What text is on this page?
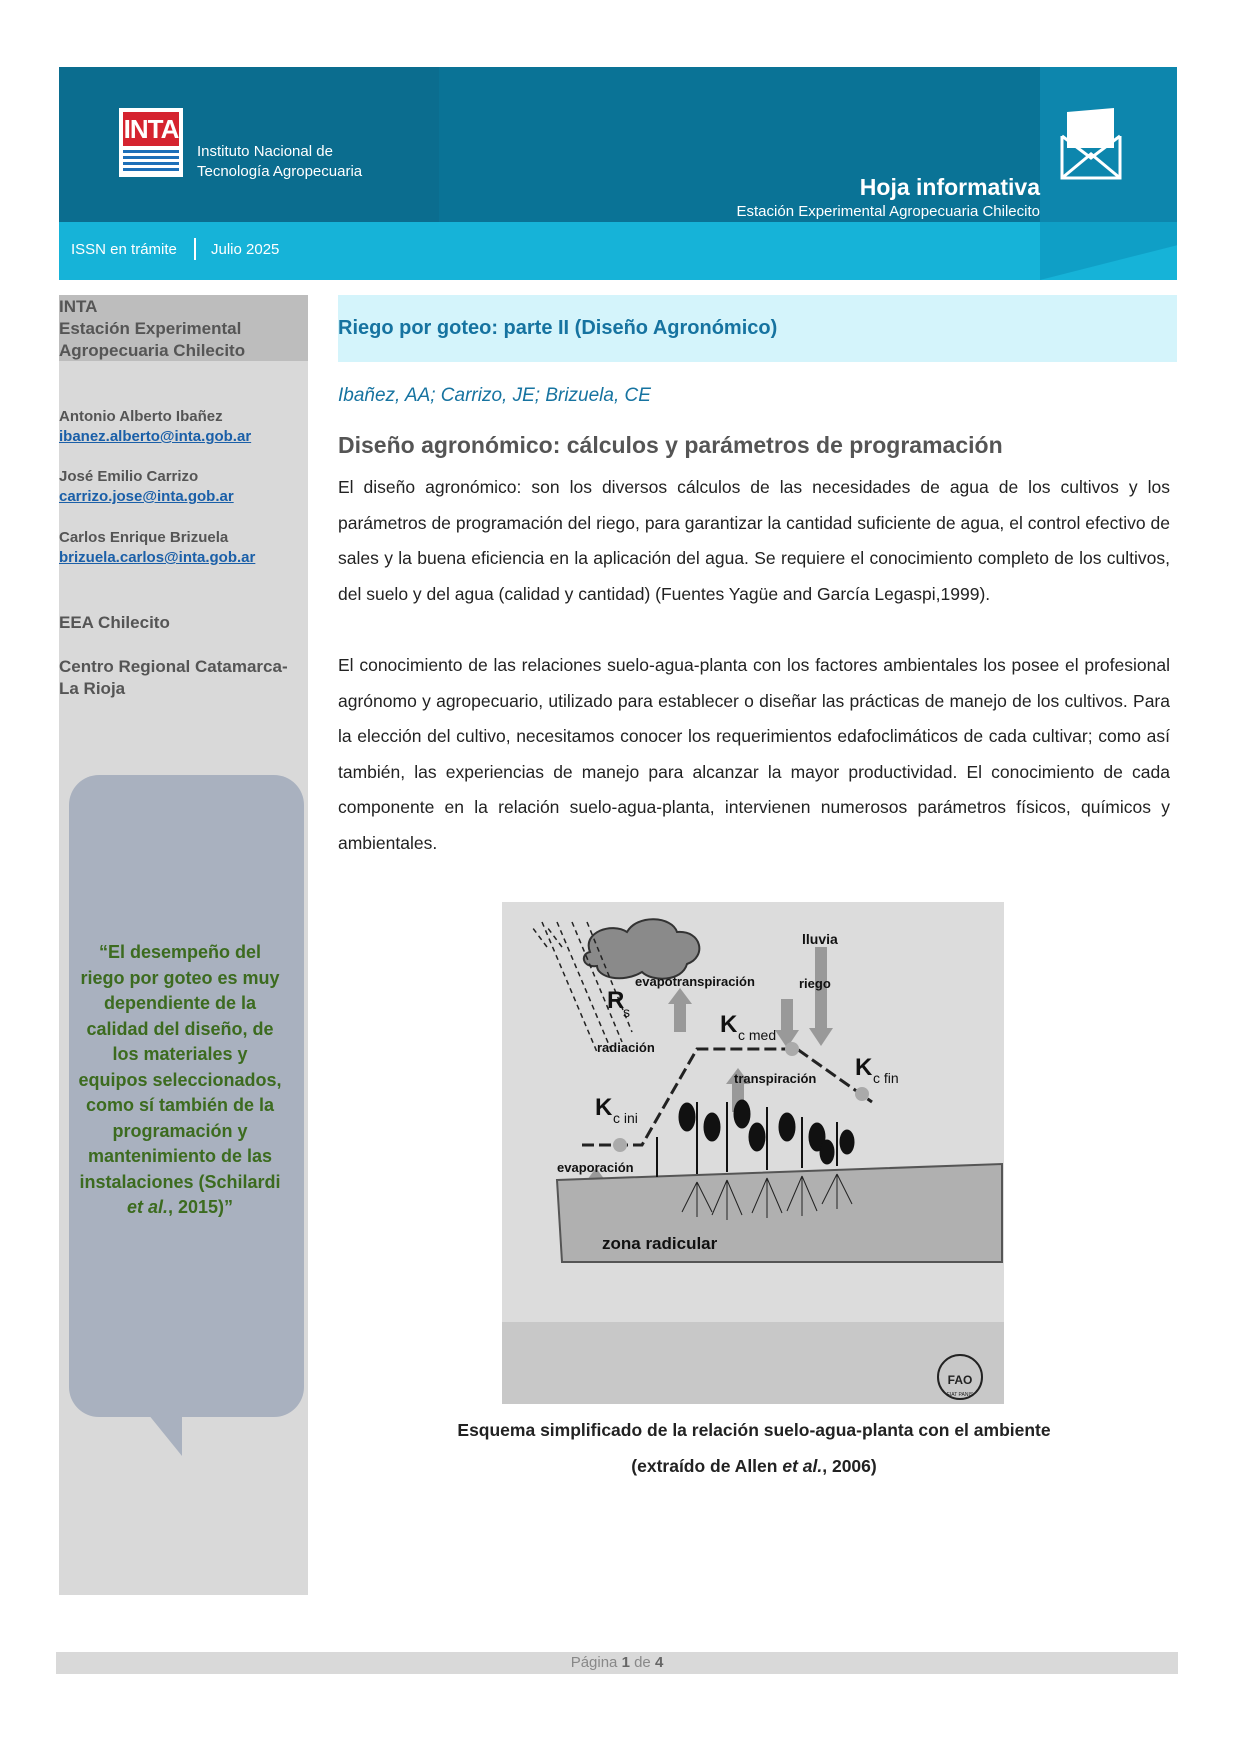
INTA
Instituto Nacional de
Tecnología Agropecuaria
Hoja informativa
Estación Experimental Agropecuaria Chilecito
ISSN en trámite Julio 2025
INTA
Estación Experimental
Agropecuaria Chilecito
Antonio Alberto Ibañez
ibanez.alberto@inta.gob.ar
José Emilio Carrizo
carrizo.jose@inta.gob.ar
Carlos Enrique Brizuela
brizuela.carlos@inta.gob.ar
EEA Chilecito
Centro Regional Catamarca-
La Rioja
“El desempeño del riego por goteo es muy dependiente de la calidad del diseño, de los materiales y equipos seleccionados, como sí también de la programación y mantenimiento de las instalaciones (Schilardi et al., 2015)”
Riego por goteo: parte II (Diseño Agronómico)
Ibañez, AA; Carrizo, JE; Brizuela, CE
Diseño agronómico: cálculos y parámetros de programación
El diseño agronómico: son los diversos cálculos de las necesidades de agua de los cultivos y los parámetros de programación del riego, para garantizar la cantidad suficiente de agua, el control efectivo de sales y la buena eficiencia en la aplicación del agua. Se requiere el conocimiento completo de los cultivos, del suelo y del agua (calidad y cantidad) (Fuentes Yagüe and García Legaspi,1999).
El conocimiento de las relaciones suelo-agua-planta con los factores ambientales los posee el profesional agrónomo y agropecuario, utilizado para establecer o diseñar las prácticas de manejo de los cultivos. Para la elección del cultivo, necesitamos conocer los requerimientos edafoclimáticos de cada cultivar; como así también, las experiencias de manejo para alcanzar la mayor productividad. El conocimiento de cada componente en la relación suelo-agua-planta, intervienen numerosos parámetros físicos, químicos y ambientales.
FAO
FIAT PANIS
lluvia
evapotranspiración	riego
R
s
radiación
K c med
transpiración K c fin
K c ini
evaporación
zona radicular
Esquema simplificado de la relación suelo-agua-planta con el ambiente
(extraído de Allen et al., 2006)
Página 1 de 4
